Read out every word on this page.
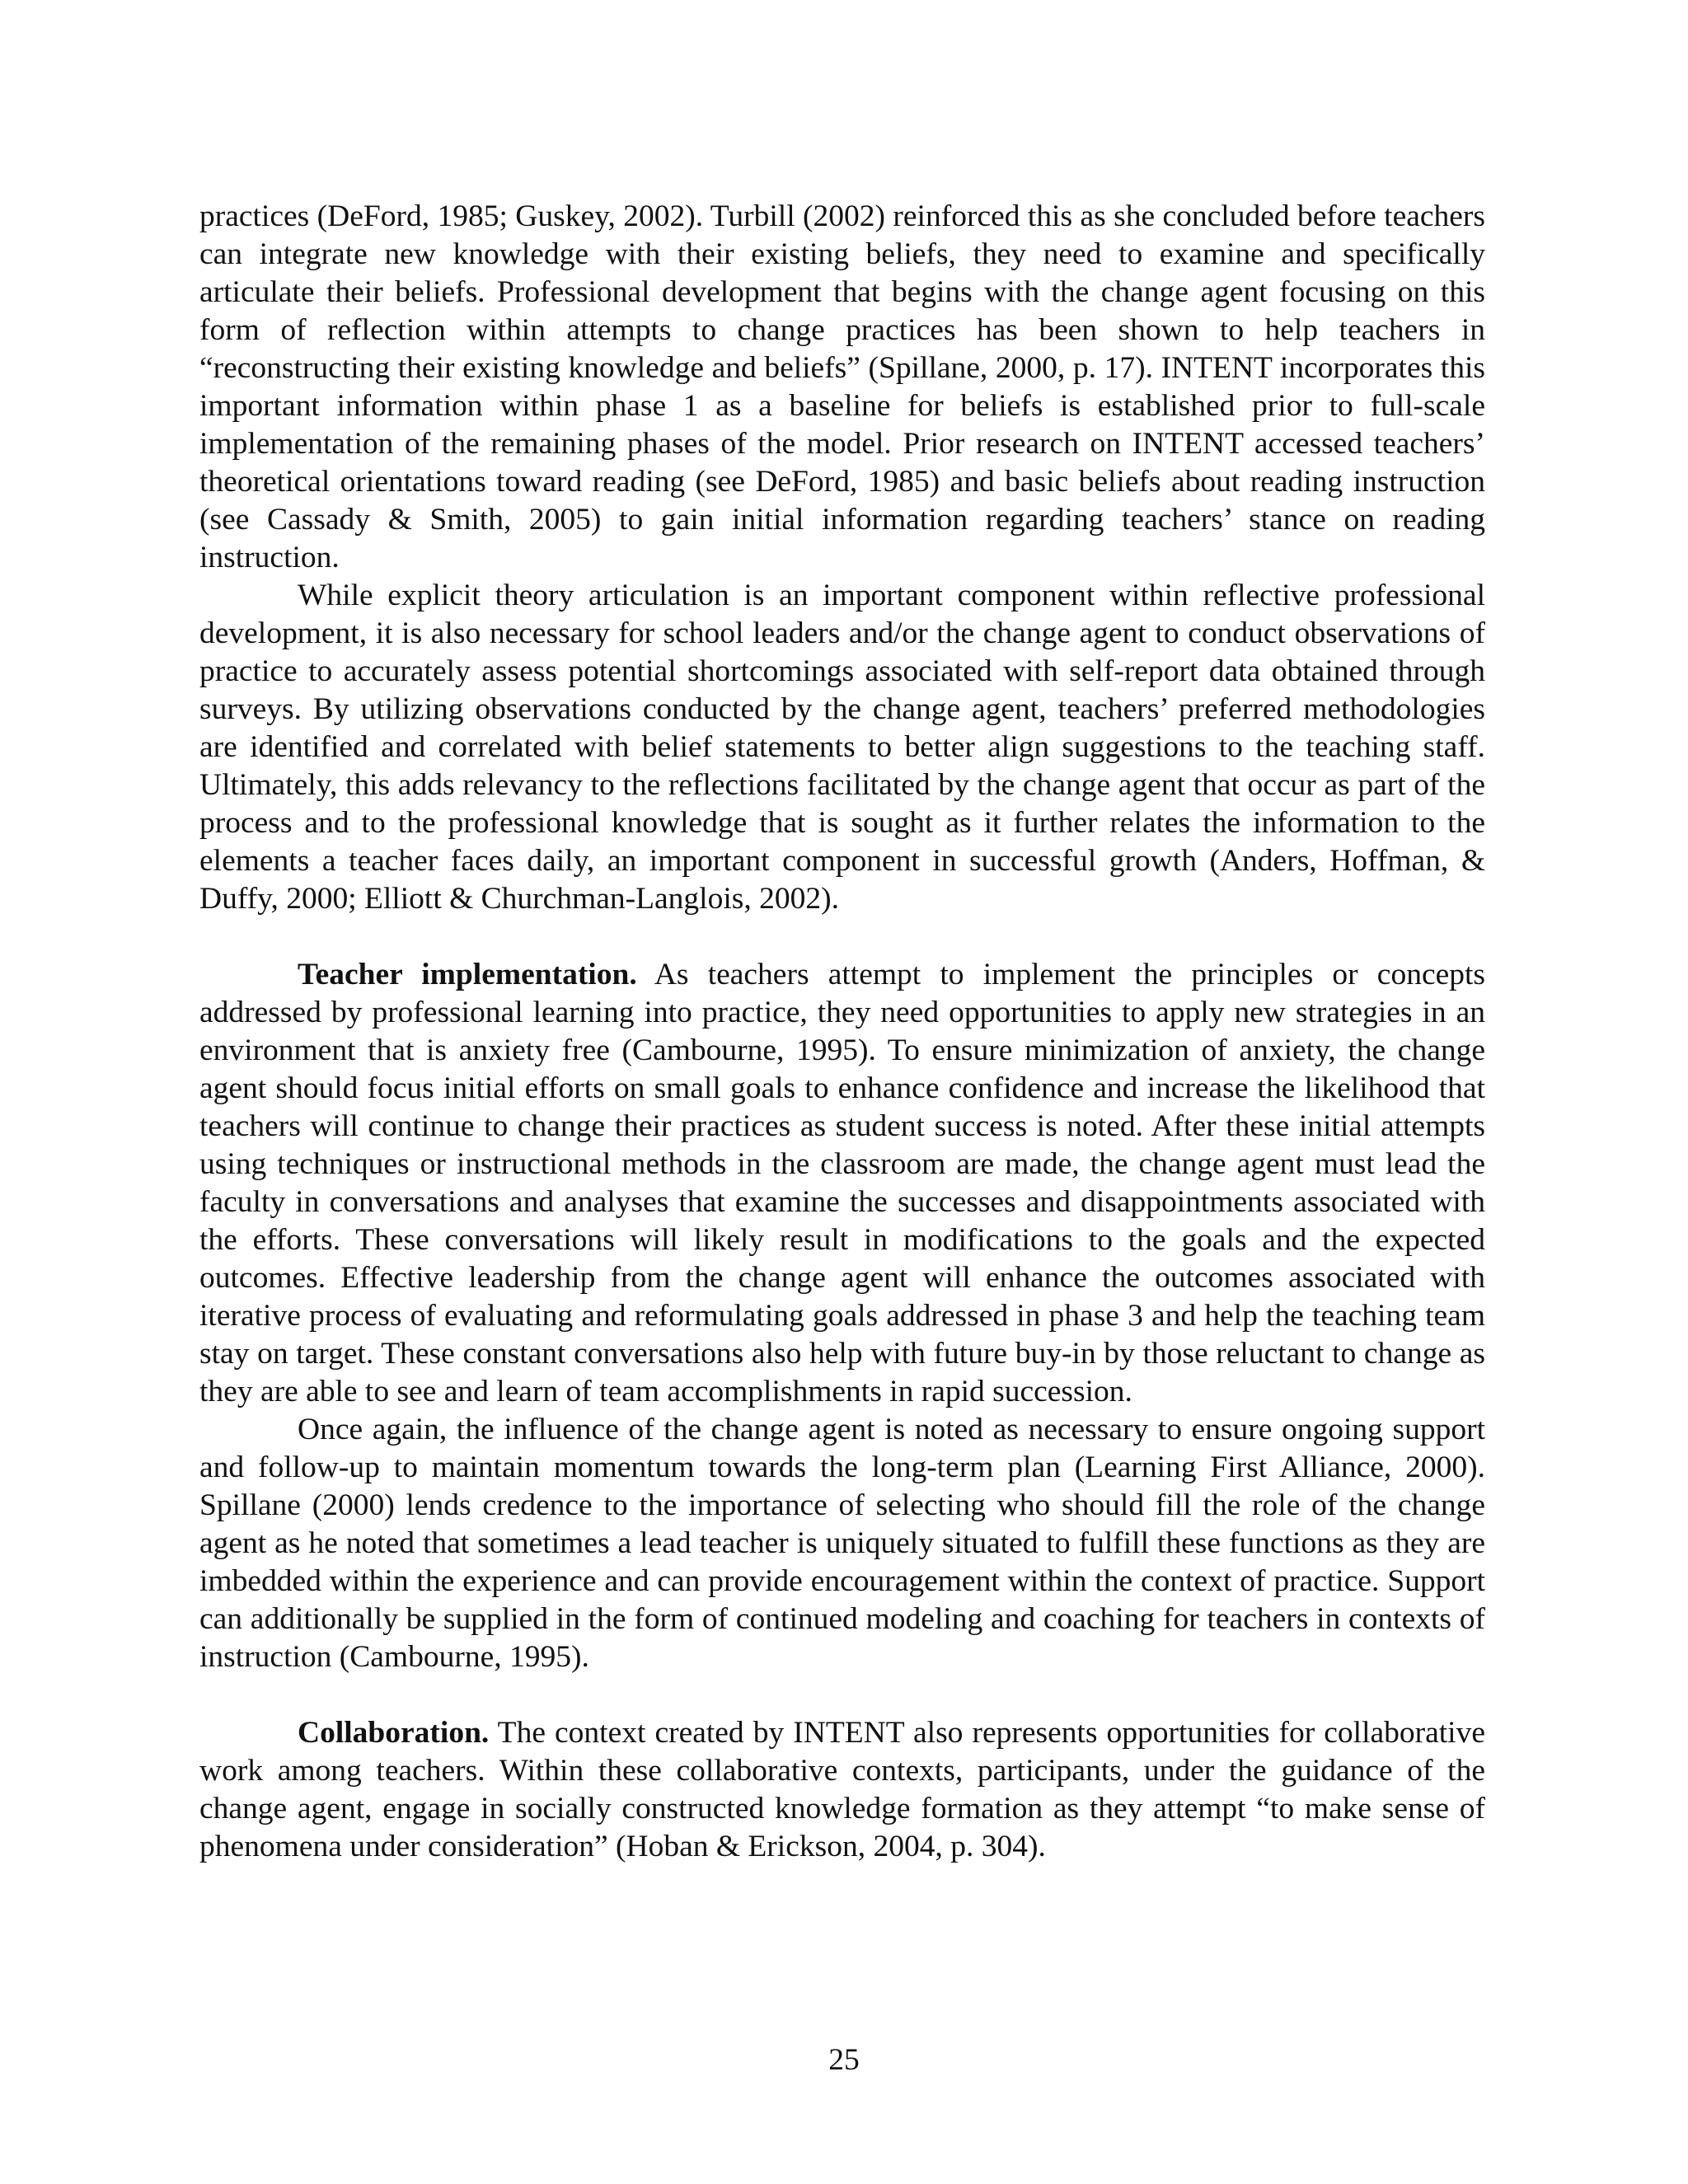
practices (DeFord, 1985; Guskey, 2002). Turbill (2002) reinforced this as she concluded before teachers can integrate new knowledge with their existing beliefs, they need to examine and specifically articulate their beliefs. Professional development that begins with the change agent focusing on this form of reflection within attempts to change practices has been shown to help teachers in “reconstructing their existing knowledge and beliefs” (Spillane, 2000, p. 17). INTENT incorporates this important information within phase 1 as a baseline for beliefs is established prior to full-scale implementation of the remaining phases of the model. Prior research on INTENT accessed teachers’ theoretical orientations toward reading (see DeFord, 1985) and basic beliefs about reading instruction (see Cassady & Smith, 2005) to gain initial information regarding teachers’ stance on reading instruction.

While explicit theory articulation is an important component within reflective professional development, it is also necessary for school leaders and/or the change agent to conduct observations of practice to accurately assess potential shortcomings associated with self-report data obtained through surveys. By utilizing observations conducted by the change agent, teachers’ preferred methodologies are identified and correlated with belief statements to better align suggestions to the teaching staff. Ultimately, this adds relevancy to the reflections facilitated by the change agent that occur as part of the process and to the professional knowledge that is sought as it further relates the information to the elements a teacher faces daily, an important component in successful growth (Anders, Hoffman, & Duffy, 2000; Elliott & Churchman-Langlois, 2002).

Teacher implementation. As teachers attempt to implement the principles or concepts addressed by professional learning into practice, they need opportunities to apply new strategies in an environment that is anxiety free (Cambourne, 1995). To ensure minimization of anxiety, the change agent should focus initial efforts on small goals to enhance confidence and increase the likelihood that teachers will continue to change their practices as student success is noted. After these initial attempts using techniques or instructional methods in the classroom are made, the change agent must lead the faculty in conversations and analyses that examine the successes and disappointments associated with the efforts. These conversations will likely result in modifications to the goals and the expected outcomes. Effective leadership from the change agent will enhance the outcomes associated with iterative process of evaluating and reformulating goals addressed in phase 3 and help the teaching team stay on target. These constant conversations also help with future buy-in by those reluctant to change as they are able to see and learn of team accomplishments in rapid succession.

Once again, the influence of the change agent is noted as necessary to ensure ongoing support and follow-up to maintain momentum towards the long-term plan (Learning First Alliance, 2000). Spillane (2000) lends credence to the importance of selecting who should fill the role of the change agent as he noted that sometimes a lead teacher is uniquely situated to fulfill these functions as they are imbedded within the experience and can provide encouragement within the context of practice. Support can additionally be supplied in the form of continued modeling and coaching for teachers in contexts of instruction (Cambourne, 1995).

Collaboration. The context created by INTENT also represents opportunities for collaborative work among teachers. Within these collaborative contexts, participants, under the guidance of the change agent, engage in socially constructed knowledge formation as they attempt “to make sense of phenomena under consideration” (Hoban & Erickson, 2004, p. 304).

25
